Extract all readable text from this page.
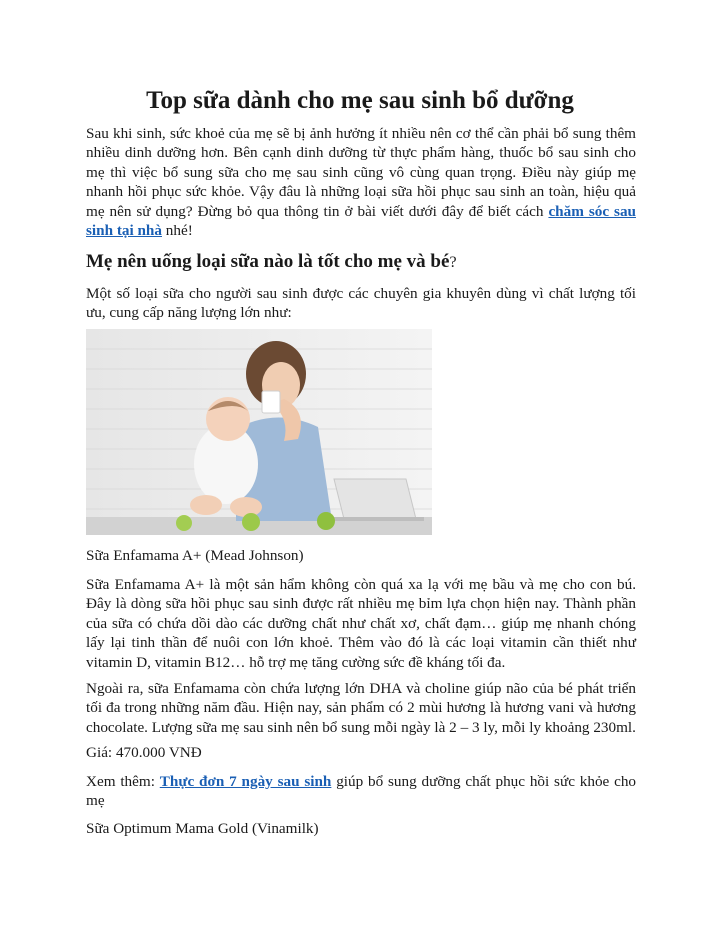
Top sữa dành cho mẹ sau sinh bổ dưỡng

Sau khi sinh, sức khoẻ của mẹ sẽ bị ảnh hưởng ít nhiều nên cơ thể cần phải bổ sung thêm nhiều dinh dưỡng hơn. Bên cạnh dinh dưỡng từ thực phẩm hàng, thuốc bổ sau sinh cho mẹ thì việc bổ sung sữa cho mẹ sau sinh cũng vô cùng quan trọng. Điều này giúp mẹ nhanh hồi phục sức khỏe. Vậy đâu là những loại sữa hồi phục sau sinh an toàn, hiệu quả mẹ nên sử dụng? Đừng bỏ qua thông tin ở bài viết dưới đây để biết cách chăm sóc sau sinh tại nhà nhé!

Mẹ nên uống loại sữa nào là tốt cho mẹ và bé?

Một số loại sữa cho người sau sinh được các chuyên gia khuyên dùng vì chất lượng tối ưu, cung cấp năng lượng lớn như:

Sữa Enfamama A+ (Mead Johnson)

Sữa Enfamama A+ là một sản hẩm không còn quá xa lạ với mẹ bầu và mẹ cho con bú. Đây là dòng sữa hồi phục sau sinh được rất nhiều mẹ bỉm lựa chọn hiện nay. Thành phần của sữa có chứa dồi dào các dưỡng chất như chất xơ, chất đạm… giúp mẹ nhanh chóng lấy lại tinh thần để nuôi con lớn khoẻ. Thêm vào đó là các loại vitamin cần thiết như vitamin D, vitamin B12… hỗ trợ mẹ tăng cường sức đề kháng tối đa.

Ngoài ra, sữa Enfamama còn chứa lượng lớn DHA và choline giúp não của bé phát triển tối đa trong những năm đầu. Hiện nay, sản phẩm có 2 mùi hương là hương vani và hương chocolate. Lượng sữa mẹ sau sinh nên bổ sung mỗi ngày là 2 – 3 ly, mỗi ly khoảng 230ml.

Giá: 470.000 VNĐ

Xem thêm: Thực đơn 7 ngày sau sinh giúp bổ sung dưỡng chất phục hồi sức khỏe cho mẹ

Sữa Optimum Mama Gold (Vinamilk)
